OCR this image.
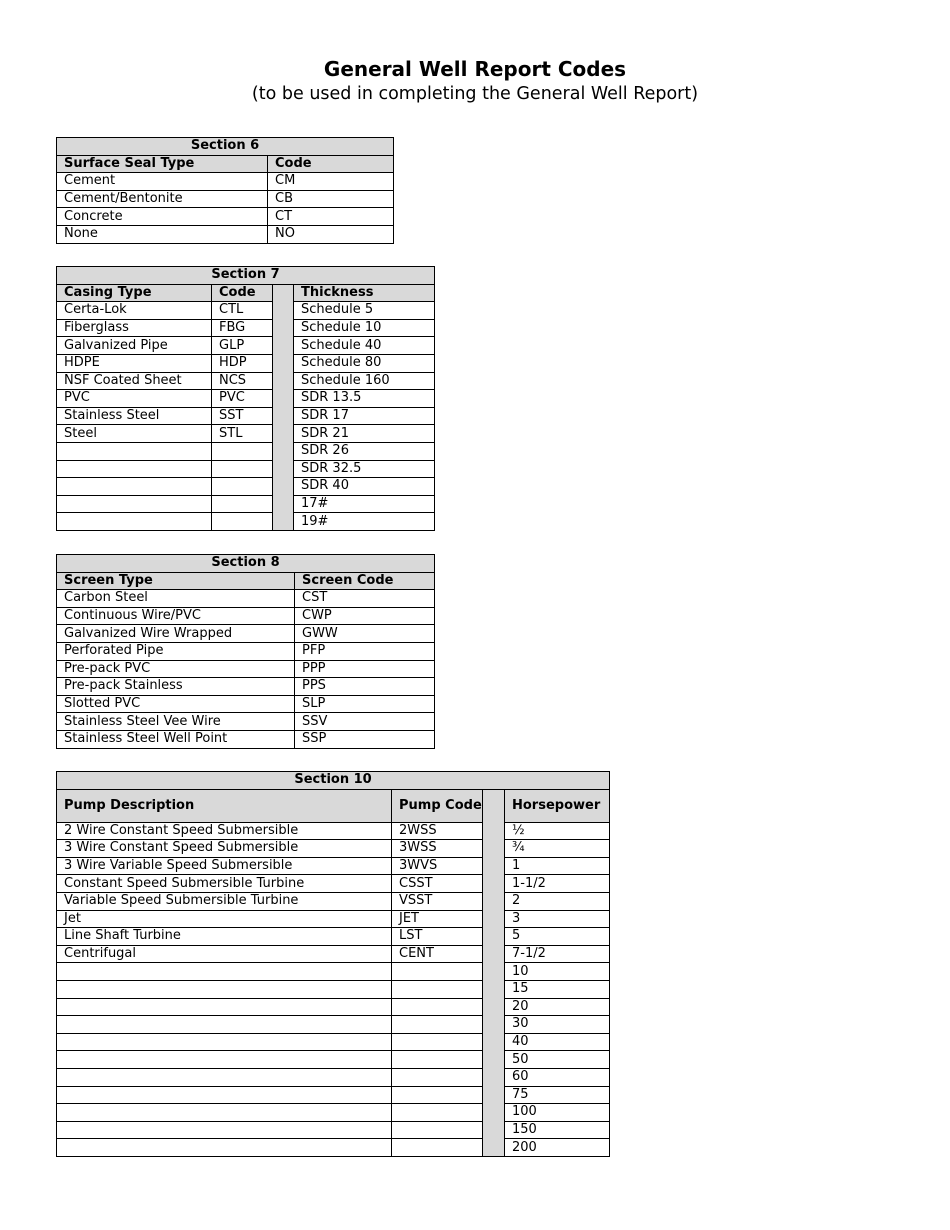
General Well Report Codes
(to be used in completing the General Well Report)
Section 6	
Surface Seal Type	Code
Cement	CM
Cement/Bentonite	CB
Concrete	CT
None	NO
Section 7			
Casing Type	Code		Thickness
Certa-Lok	CTL		Schedule 5
Fiberglass	FBG		Schedule 10
Galvanized Pipe	GLP		Schedule 40
HDPE	HDP		Schedule 80
NSF Coated Sheet	NCS		Schedule 160
PVC	PVC		SDR 13.5
Stainless Steel	SST		SDR 17
Steel	STL		SDR 21
			SDR 26
			SDR 32.5
			SDR 40
			17#
			19#
Section 8	
Screen Type	Screen Code
Carbon Steel	CST
Continuous Wire/PVC	CWP
Galvanized Wire Wrapped	GWW
Perforated Pipe	PFP
Pre-pack PVC	PPP
Pre-pack Stainless	PPS
Slotted PVC	SLP
Stainless Steel Vee Wire	SSV
Stainless Steel Well Point	SSP
Section 10			
Pump Description	Pump Code		Horsepower
2 Wire Constant Speed Submersible	2WSS		½
3 Wire Constant Speed Submersible	3WSS		¾
3 Wire Variable Speed Submersible	3WVS		1
Constant Speed Submersible Turbine	CSST		1-1/2
Variable Speed Submersible Turbine	VSST		2
Jet	JET		3
Line Shaft Turbine	LST		5
Centrifugal	CENT		7-1/2
			10
			15
			20
			30
			40
			50
			60
			75
			100
			150
			200
